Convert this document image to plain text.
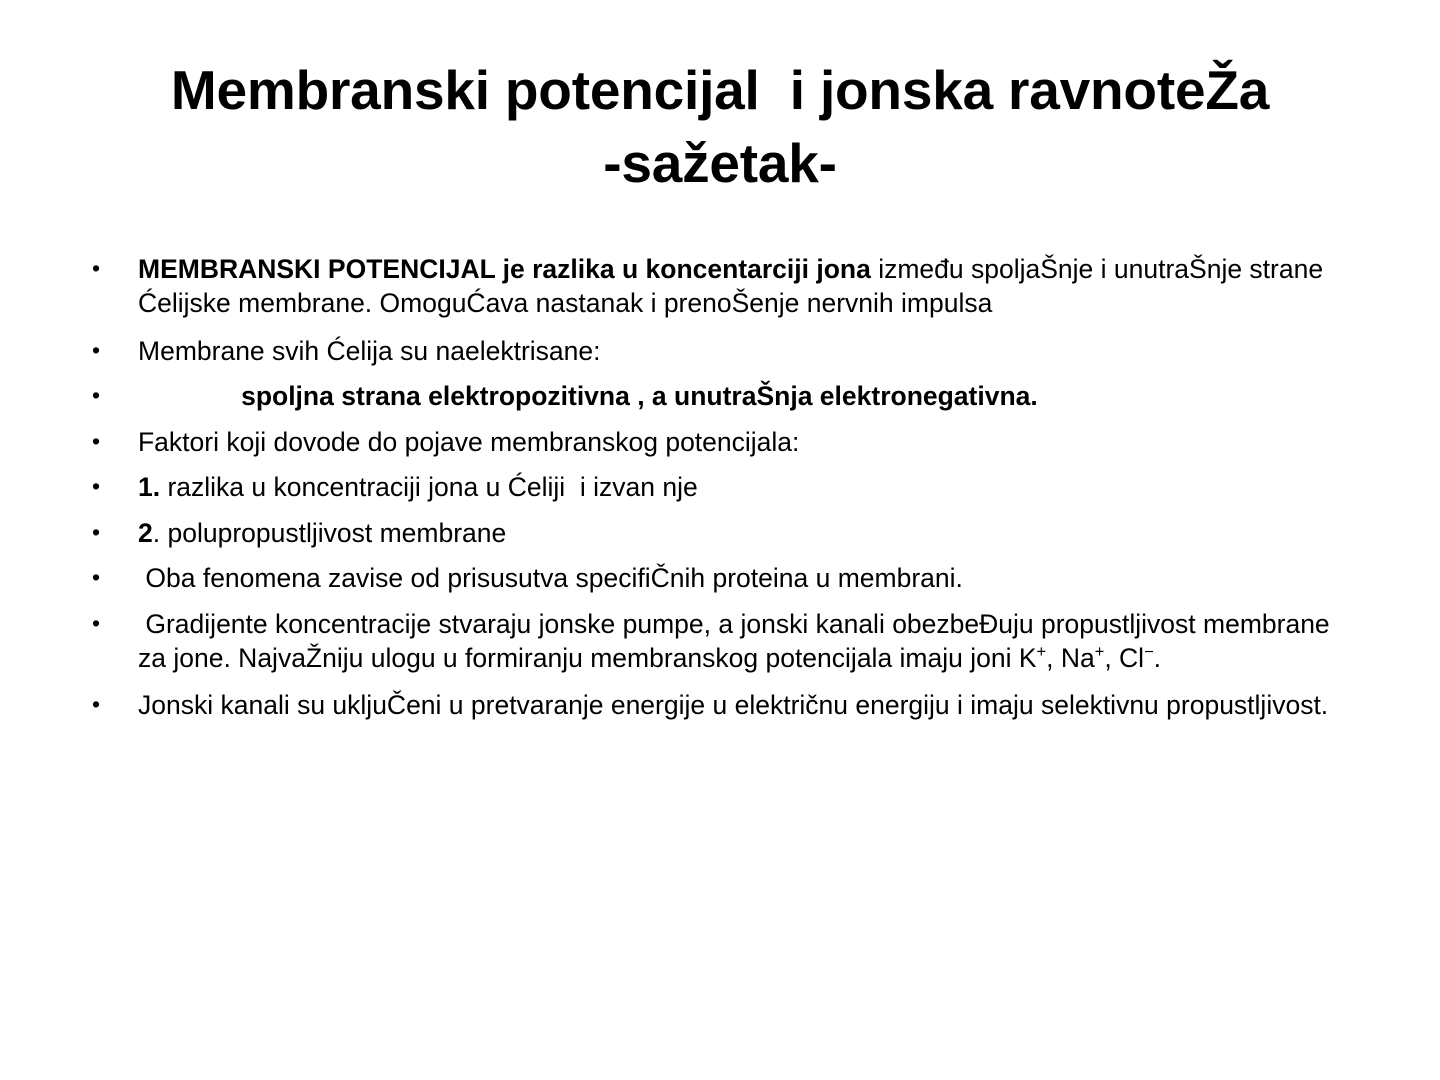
Membranski potencijal  i jonska ravnoteŽa
-sažetak-
•	MEMBRANSKI POTENCIJAL je razlika u koncentarciji jona između spoljaŠnje i unutraŠnje strane Ćelijske membrane. OmoguĆava nastanak i prenoŠenje nervnih impulsa
•	Membrane svih Ćelija su naelektrisane:
•	spoljna strana elektropozitivna , a unutraŠnja elektronegativna.
•	Faktori koji dovode do pojave membranskog potencijala:
•	1. razlika u koncentraciji jona u Ćeliji  i izvan nje
•	2. polupropustljivost membrane
•	Oba fenomena zavise od prisusutva specifiČnih proteina u membrani.
•	Gradijente koncentracije stvaraju jonske pumpe, a jonski kanali obezbeĐuju propustljivost membrane za jone. NajvaŽniju ulogu u formiranju membranskog potencijala imaju joni K+, Na+, Cl−.
•	Jonski kanali su ukljuČeni u pretvaranje energije u električnu energiju i imaju selektivnu propustljivost.
